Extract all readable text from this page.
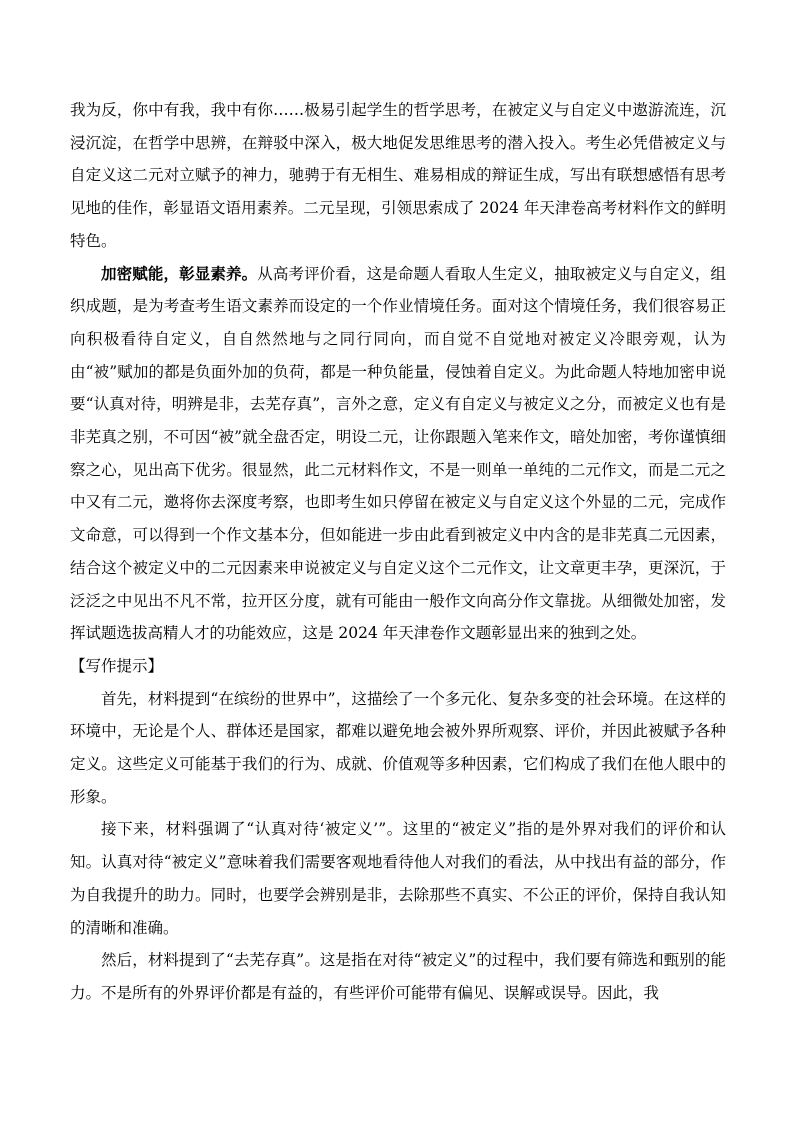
我为反，你中有我，我中有你……极易引起学生的哲学思考，在被定义与自定义中遨游流连，沉浸沉淀，在哲学中思辨，在辩驳中深入，极大地促发思维思考的潜入投入。考生必凭借被定义与自定义这二元对立赋予的神力，驰骋于有无相生、难易相成的辩证生成，写出有联想感悟有思考见地的佳作，彰显语文语用素养。二元呈现，引领思索成了 2024 年天津卷高考材料作文的鲜明特色。

加密赋能，彰显素养。从高考评价看，这是命题人看取人生定义，抽取被定义与自定义，组织成题，是为考查考生语文素养而设定的一个作业情境任务。面对这个情境任务，我们很容易正向积极看待自定义，自自然然地与之同行同向，而自觉不自觉地对被定义冷眼旁观，认为由“被”赋加的都是负面外加的负荷，都是一种负能量，侵蚀着自定义。为此命题人特地加密申说要“认真对待，明辨是非，去芜存真”，言外之意，定义有自定义与被定义之分，而被定义也有是非芜真之别，不可因“被”就全盘否定，明设二元，让你跟题入笔来作文，暗处加密，考你谨慎细察之心，见出高下优劣。很显然，此二元材料作文，不是一则单一单纯的二元作文，而是二元之中又有二元，邀将你去深度考察，也即考生如只停留在被定义与自定义这个外显的二元，完成作文命意，可以得到一个作文基本分，但如能进一步由此看到被定义中内含的是非芜真二元因素，结合这个被定义中的二元因素来申说被定义与自定义这个二元作文，让文章更丰孕，更深沉，于泛泛之中见出不凡不常，拉开区分度，就有可能由一般作文向高分作文靠拢。从细微处加密，发挥试题选拔高精人才的功能效应，这是 2024 年天津卷作文题彰显出来的独到之处。

【写作提示】

首先，材料提到“在缤纷的世界中”，这描绘了一个多元化、复杂多变的社会环境。在这样的环境中，无论是个人、群体还是国家，都难以避免地会被外界所观察、评价，并因此被赋予各种定义。这些定义可能基于我们的行为、成就、价值观等多种因素，它们构成了我们在他人眼中的形象。

接下来，材料强调了“认真对待‘被定义’”。这里的“被定义”指的是外界对我们的评价和认知。认真对待“被定义”意味着我们需要客观地看待他人对我们的看法，从中找出有益的部分，作为自我提升的助力。同时，也要学会辨别是非，去除那些不真实、不公正的评价，保持自我认知的清晰和准确。

然后，材料提到了“去芜存真”。这是指在对待“被定义”的过程中，我们要有筛选和甄别的能力。不是所有的外界评价都是有益的，有些评价可能带有偏见、误解或误导。因此，我
